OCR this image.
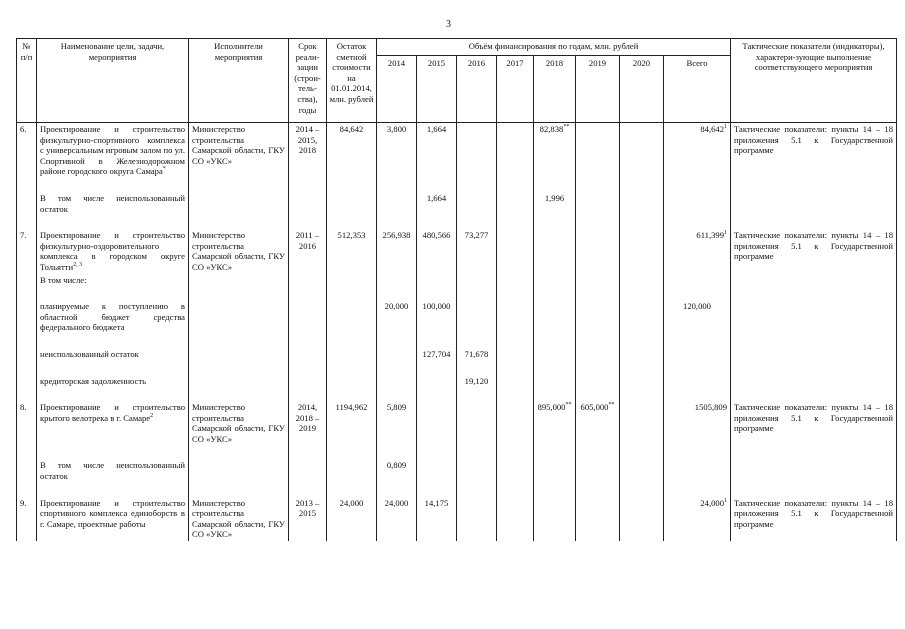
3
№ п/п	Наименование цели, задачи, мероприятия	Исполнители мероприятия	Срок реали-зации (строи-тель-ства), годы	Остаток сметной стоимости на 01.01.2014, млн. рублей	Объём финансирования по годам, млн. рублей								Тактические показатели (индикаторы), характери-зующие выполнение соответствующего мероприятия
					2014	2015	2016	2017	2018	2019	2020	Всего	
6.	Проектирование и строительство физкультурно-спортивного комплекса с универсальным игровым залом по ул. Спортивной в Железнодорожном районе городского округа Самара*	Министерство строительства Самарской области, ГКУ СО «УКС»	2014 – 2015, 2018	84,642	3,800	1,664			82,838**			84,642$^1$	Тактические показатели: пункты 14 – 18 приложения 5.1 к Государственной программе

	В том числе неиспользованный остаток					1,664			1,996				

7.	Проектирование и строительство физкультурно-оздоровительного комплекса в городском округе Тольятти$^{2, 3}$	Министерство строительства Самарской области, ГКУ СО «УКС»	2011 – 2016	512,353	256,938	480,566	73,277					611,399$^1$	Тактические показатели: пункты 14 – 18 приложения 5.1 к Государственной программе
	В том числе:												

	планируемые к поступлению в областной бюджет средства федерального бюджета				20,000	100,000						120,000	

	неиспользованный остаток					127,704	71,678						

	кредиторская задолженность						19,120						

8.	Проектирование и строительство крытого велотрека в г. Самаре$^2$	Министерство строительства Самарской области, ГКУ СО «УКС»	2014, 2018 – 2019	1194,962	5,809				895,000**	605,000**		1505,809	Тактические показатели: пункты 14 – 18 приложения 5.1 к Государственной программе

	В том числе неиспользованный остаток				0,809								

9.	Проектирование и строительство спортивного комплекса единоборств в г. Самаре, проектные работы	Министерство строительства Самарской области, ГКУ СО «УКС»	2013 – 2015	24,000	24,000	14,175						24,000$^1$	Тактические показатели: пункты 14 – 18 приложения 5.1 к Государственной программе
